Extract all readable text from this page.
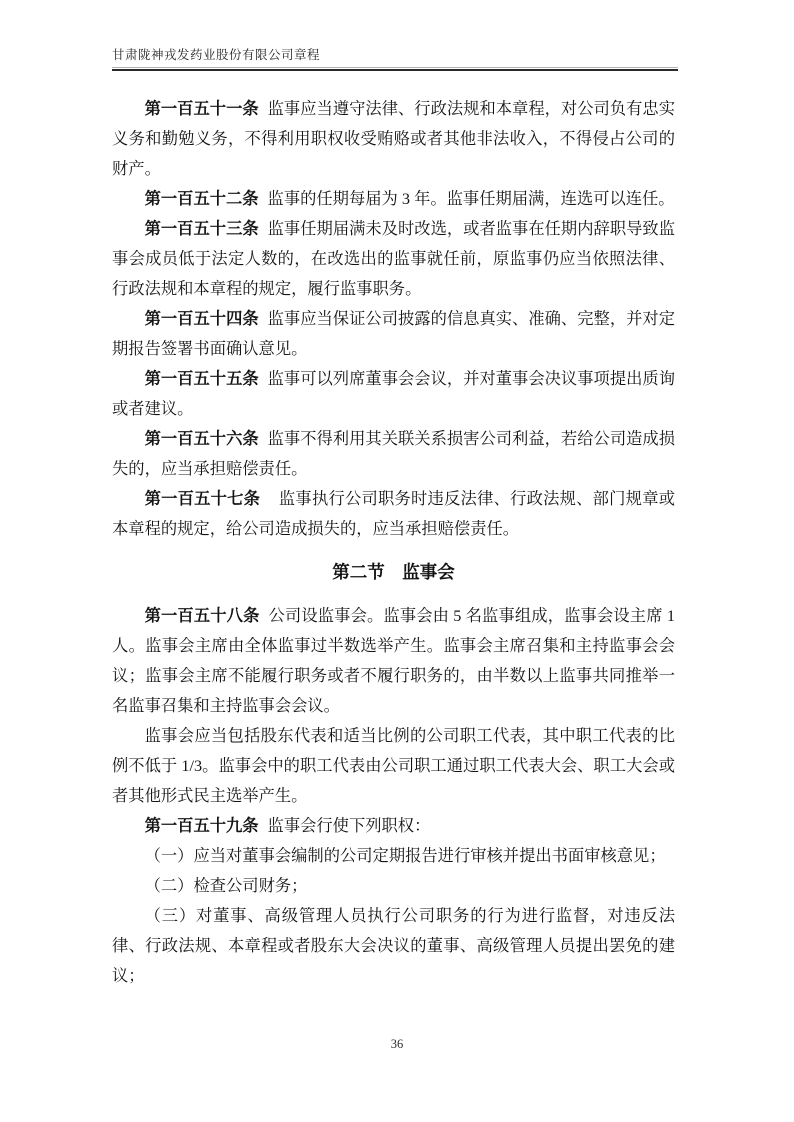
甘肃陇神戎发药业股份有限公司章程

第一百五十一条 监事应当遵守法律、行政法规和本章程，对公司负有忠实义务和勤勉义务，不得利用职权收受贿赂或者其他非法收入，不得侵占公司的财产。

第一百五十二条 监事的任期每届为 3 年。监事任期届满，连选可以连任。

第一百五十三条 监事任期届满未及时改选，或者监事在任期内辞职导致监事会成员低于法定人数的，在改选出的监事就任前，原监事仍应当依照法律、行政法规和本章程的规定，履行监事职务。

第一百五十四条 监事应当保证公司披露的信息真实、准确、完整，并对定期报告签署书面确认意见。

第一百五十五条 监事可以列席董事会会议，并对董事会决议事项提出质询或者建议。

第一百五十六条 监事不得利用其关联关系损害公司利益，若给公司造成损失的，应当承担赔偿责任。

第一百五十七条 监事执行公司职务时违反法律、行政法规、部门规章或本章程的规定，给公司造成损失的，应当承担赔偿责任。

第二节 监事会

第一百五十八条 公司设监事会。监事会由 5 名监事组成，监事会设主席 1 人。监事会主席由全体监事过半数选举产生。监事会主席召集和主持监事会会议；监事会主席不能履行职务或者不履行职务的，由半数以上监事共同推举一名监事召集和主持监事会会议。

监事会应当包括股东代表和适当比例的公司职工代表，其中职工代表的比例不低于 1/3。监事会中的职工代表由公司职工通过职工代表大会、职工大会或者其他形式民主选举产生。

第一百五十九条 监事会行使下列职权：

（一）应当对董事会编制的公司定期报告进行审核并提出书面审核意见；

（二）检查公司财务；

（三）对董事、高级管理人员执行公司职务的行为进行监督，对违反法律、行政法规、本章程或者股东大会决议的董事、高级管理人员提出罢免的建议；

36
